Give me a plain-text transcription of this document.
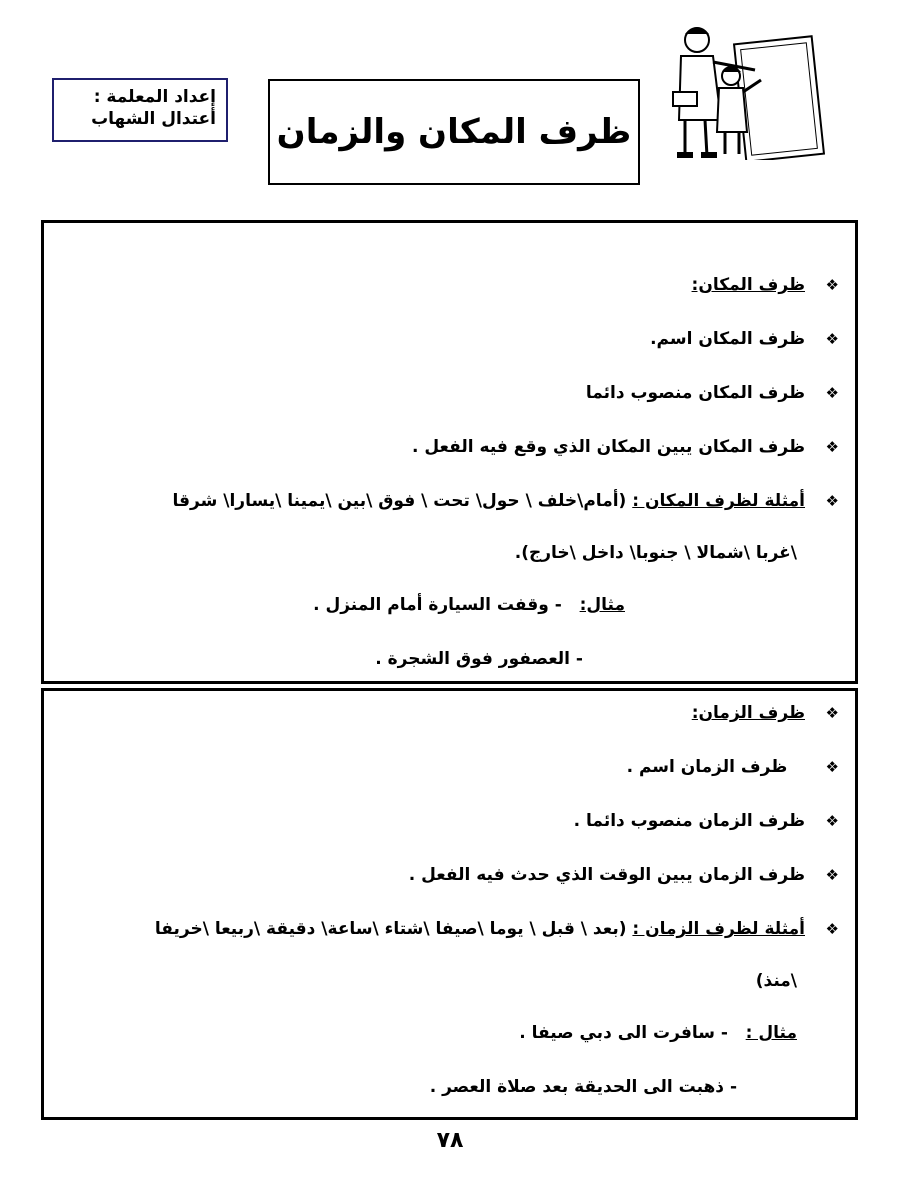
إعداد المعلمة :
أعتدال الشهاب ظرف المكان والزمان
❖ظرف المكان:
❖ظرف المكان اسم.
❖ظرف المكان منصوب دائما
❖ظرف المكان يبين المكان الذي وقع فيه الفعل .
❖أمثلة لظرف المكان : (أمام\خلف \ حول\ تحت \ فوق \بين \يمينا \يسارا\ شرقا
\غربا \شمالا \ جنوبا\ داخل \خارج).
مثال:   - وقفت السيارة أمام المنزل .
- العصفور فوق الشجرة .
❖ظرف الزمان:
❖   ظرف الزمان اسم .
❖ظرف الزمان منصوب دائما .
❖ظرف الزمان يبين الوقت الذي حدث فيه الفعل .
❖أمثلة لظرف الزمان : (بعد \ قبل \ يوما \صيفا \شتاء \ساعة\ دقيقة \ربيعا \خريفا
\منذ)
مثال :   - سافرت الى دبي صيفا .
- ذهبت الى الحديقة بعد صلاة العصر .
٧٨
